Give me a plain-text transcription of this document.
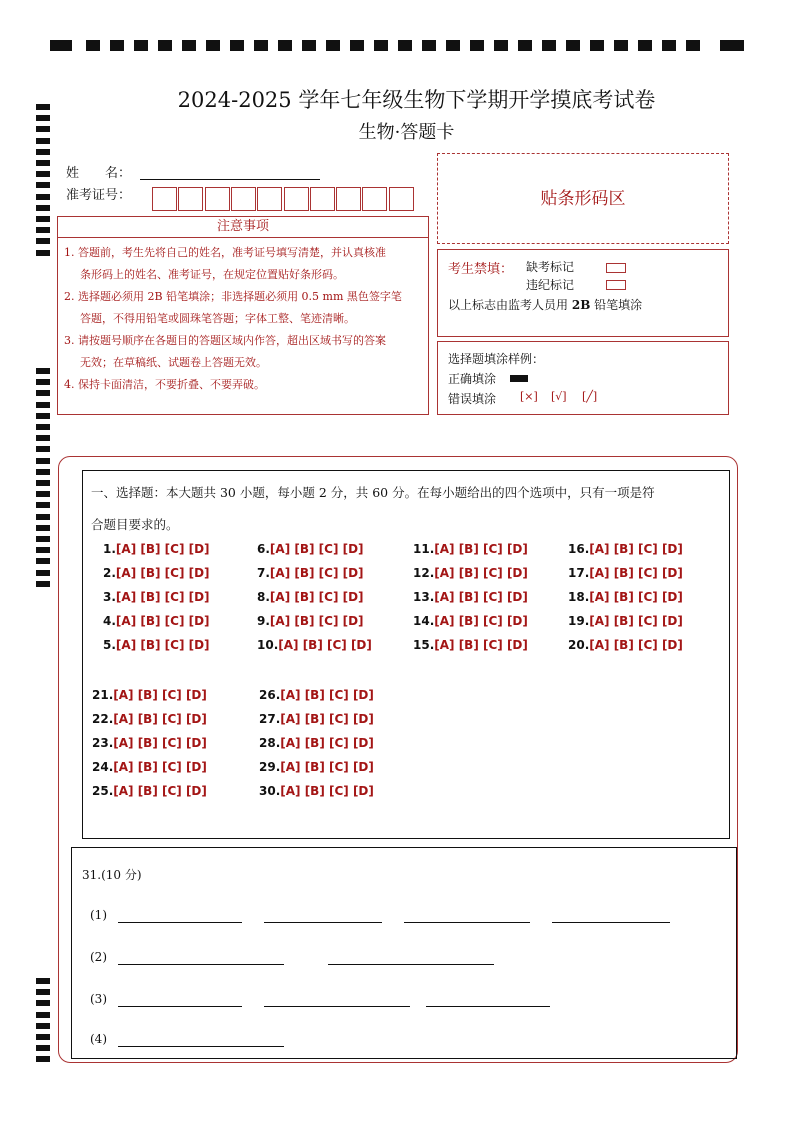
2024-2025 学年七年级生物下学期开学摸底考试卷
生物·答题卡
姓　　名：
准考证号：	贴条形码区
注意事项
1. 答题前，考生先将自己的姓名，准考证号填写清楚，并认真核准
条形码上的姓名、准考证号，在规定位置贴好条形码。
2. 选择题必须用 2B 铅笔填涂；非选择题必须用 0.5 mm 黑色签字笔
答题，不得用铅笔或圆珠笔答题；字体工整、笔迹清晰。
3. 请按题号顺序在各题目的答题区域内作答，超出区域书写的答案
无效；在草稿纸、试题卷上答题无效。
4. 保持卡面清洁，不要折叠、不要弄破。
考生禁填： 缺考标记
违纪标记
以上标志由监考人员用 2B 铅笔填涂
选择题填涂样例：
正确填涂
错误填涂 [×] [√] [╱]
一、选择题：本大题共 30 小题，每小题 2 分，共 60 分。在每小题给出的四个选项中，只有一项是符
合题目要求的。
1.[A] [B] [C] [D]
2.[A] [B] [C] [D]
3.[A] [B] [C] [D]
4.[A] [B] [C] [D]
5.[A] [B] [C] [D]
6.[A] [B] [C] [D]
7.[A] [B] [C] [D]
8.[A] [B] [C] [D]
9.[A] [B] [C] [D]
10.[A] [B] [C] [D]
11.[A] [B] [C] [D]
12.[A] [B] [C] [D]
13.[A] [B] [C] [D]
14.[A] [B] [C] [D]
15.[A] [B] [C] [D]
16.[A] [B] [C] [D]
17.[A] [B] [C] [D]
18.[A] [B] [C] [D]
19.[A] [B] [C] [D]
20.[A] [B] [C] [D]
21.[A] [B] [C] [D]
22.[A] [B] [C] [D]
23.[A] [B] [C] [D]
24.[A] [B] [C] [D]
25.[A] [B] [C] [D]
26.[A] [B] [C] [D]
27.[A] [B] [C] [D]
28.[A] [B] [C] [D]
29.[A] [B] [C] [D]
30.[A] [B] [C] [D]
31.(10 分)
(1)
(2)
(3)
(4)
